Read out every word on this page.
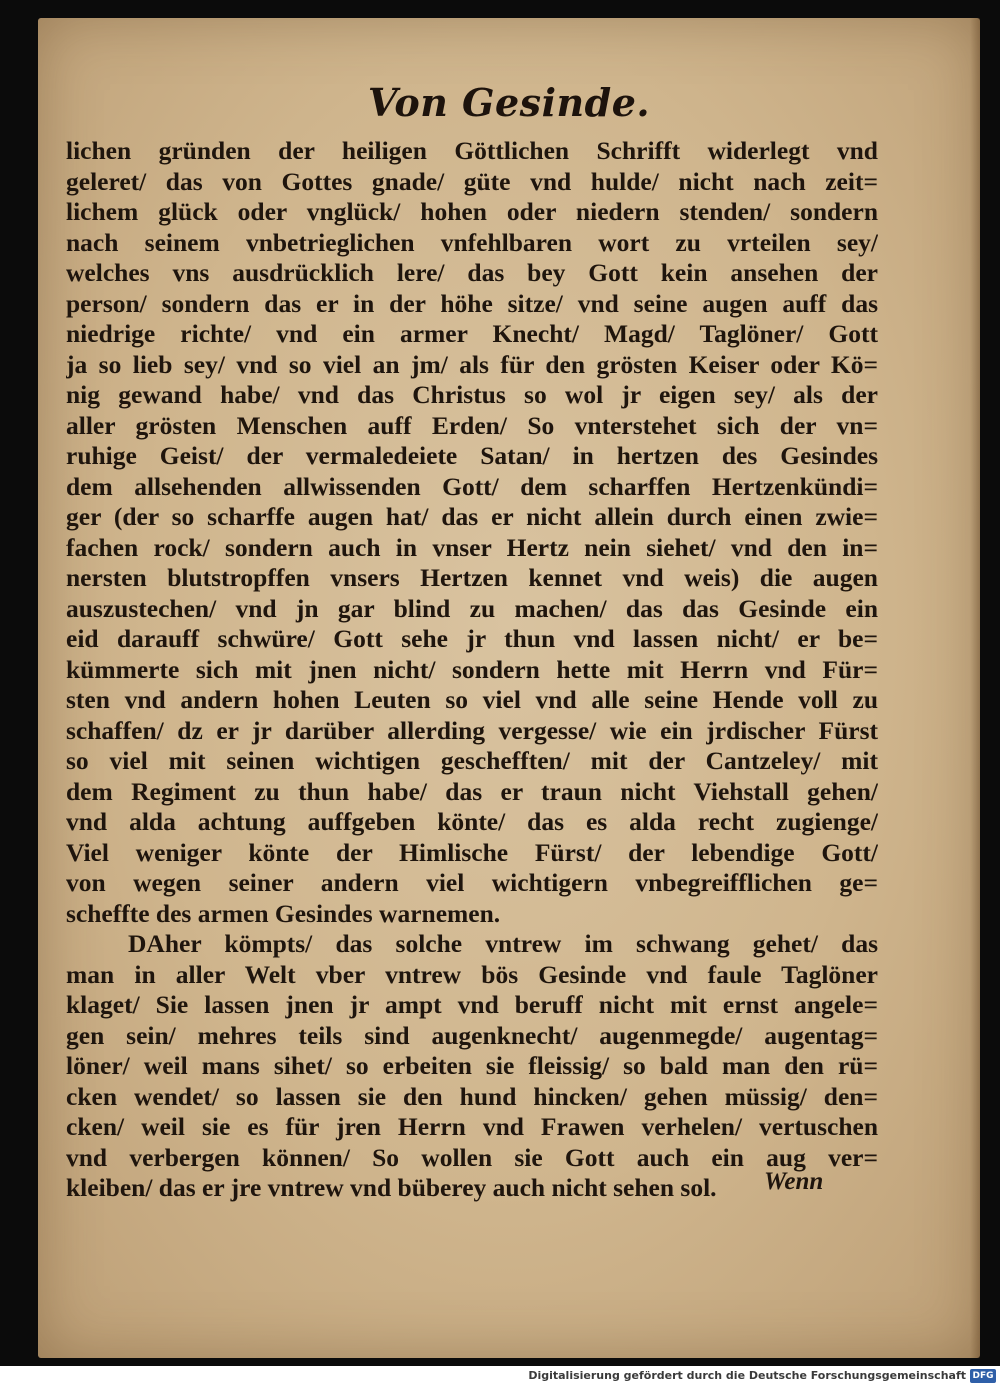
Von Gesinde.
lichen gründen der heiligen Göttlichen Schrifft widerlegt vnd
geleret/ das von Gottes gnade/ güte vnd hulde/ nicht nach zeit=
lichem glück oder vnglück/ hohen oder niedern stenden/ sondern
nach seinem vnbetrieglichen vnfehlbaren wort zu vrteilen sey/
welches vns ausdrücklich lere/ das bey Gott kein ansehen der
person/ sondern das er in der höhe sitze/ vnd seine augen auff das
niedrige richte/ vnd ein armer Knecht/ Magd/ Taglöner/ Gott
ja so lieb sey/ vnd so viel an jm/ als für den grösten Keiser oder Kö=
nig gewand habe/ vnd das Christus so wol jr eigen sey/ als der
aller grösten Menschen auff Erden/ So vnterstehet sich der vn=
ruhige Geist/ der vermaledeiete Satan/ in hertzen des Gesindes
dem allsehenden allwissenden Gott/ dem scharffen Hertzenkündi=
ger (der so scharffe augen hat/ das er nicht allein durch einen zwie=
fachen rock/ sondern auch in vnser Hertz nein siehet/ vnd den in=
nersten blutstropffen vnsers Hertzen kennet vnd weis) die augen
auszustechen/ vnd jn gar blind zu machen/ das das Gesinde ein
eid darauff schwüre/ Gott sehe jr thun vnd lassen nicht/ er be=
kümmerte sich mit jnen nicht/ sondern hette mit Herrn vnd Für=
sten vnd andern hohen Leuten so viel vnd alle seine Hende voll zu
schaffen/ dz er jr darüber allerding vergesse/ wie ein jrdischer Fürst
so viel mit seinen wichtigen geschefften/ mit der Cantzeley/ mit
dem Regiment zu thun habe/ das er traun nicht Viehstall gehen/
vnd alda achtung auffgeben könte/ das es alda recht zugienge/
Viel weniger könte der Himlische Fürst/ der lebendige Gott/
von wegen seiner andern viel wichtigern vnbegreifflichen ge=
scheffte des armen Gesindes warnemen.
DAher kömpts/ das solche vntrew im schwang gehet/ das
man in aller Welt vber vntrew bös Gesinde vnd faule Taglöner
klaget/ Sie lassen jnen jr ampt vnd beruff nicht mit ernst angele=
gen sein/ mehres teils sind augenknecht/ augenmegde/ augentag=
löner/ weil mans sihet/ so erbeiten sie fleissig/ so bald man den rü=
cken wendet/ so lassen sie den hund hincken/ gehen müssig/ den=
cken/ weil sie es für jren Herrn vnd Frawen verhelen/ vertuschen
vnd verbergen können/ So wollen sie Gott auch ein aug ver=
kleiben/ das er jre vntrew vnd büberey auch nicht sehen sol.	Wenn
Digitalisierung gefördert durch die Deutsche Forschungsgemeinschaft DFG
